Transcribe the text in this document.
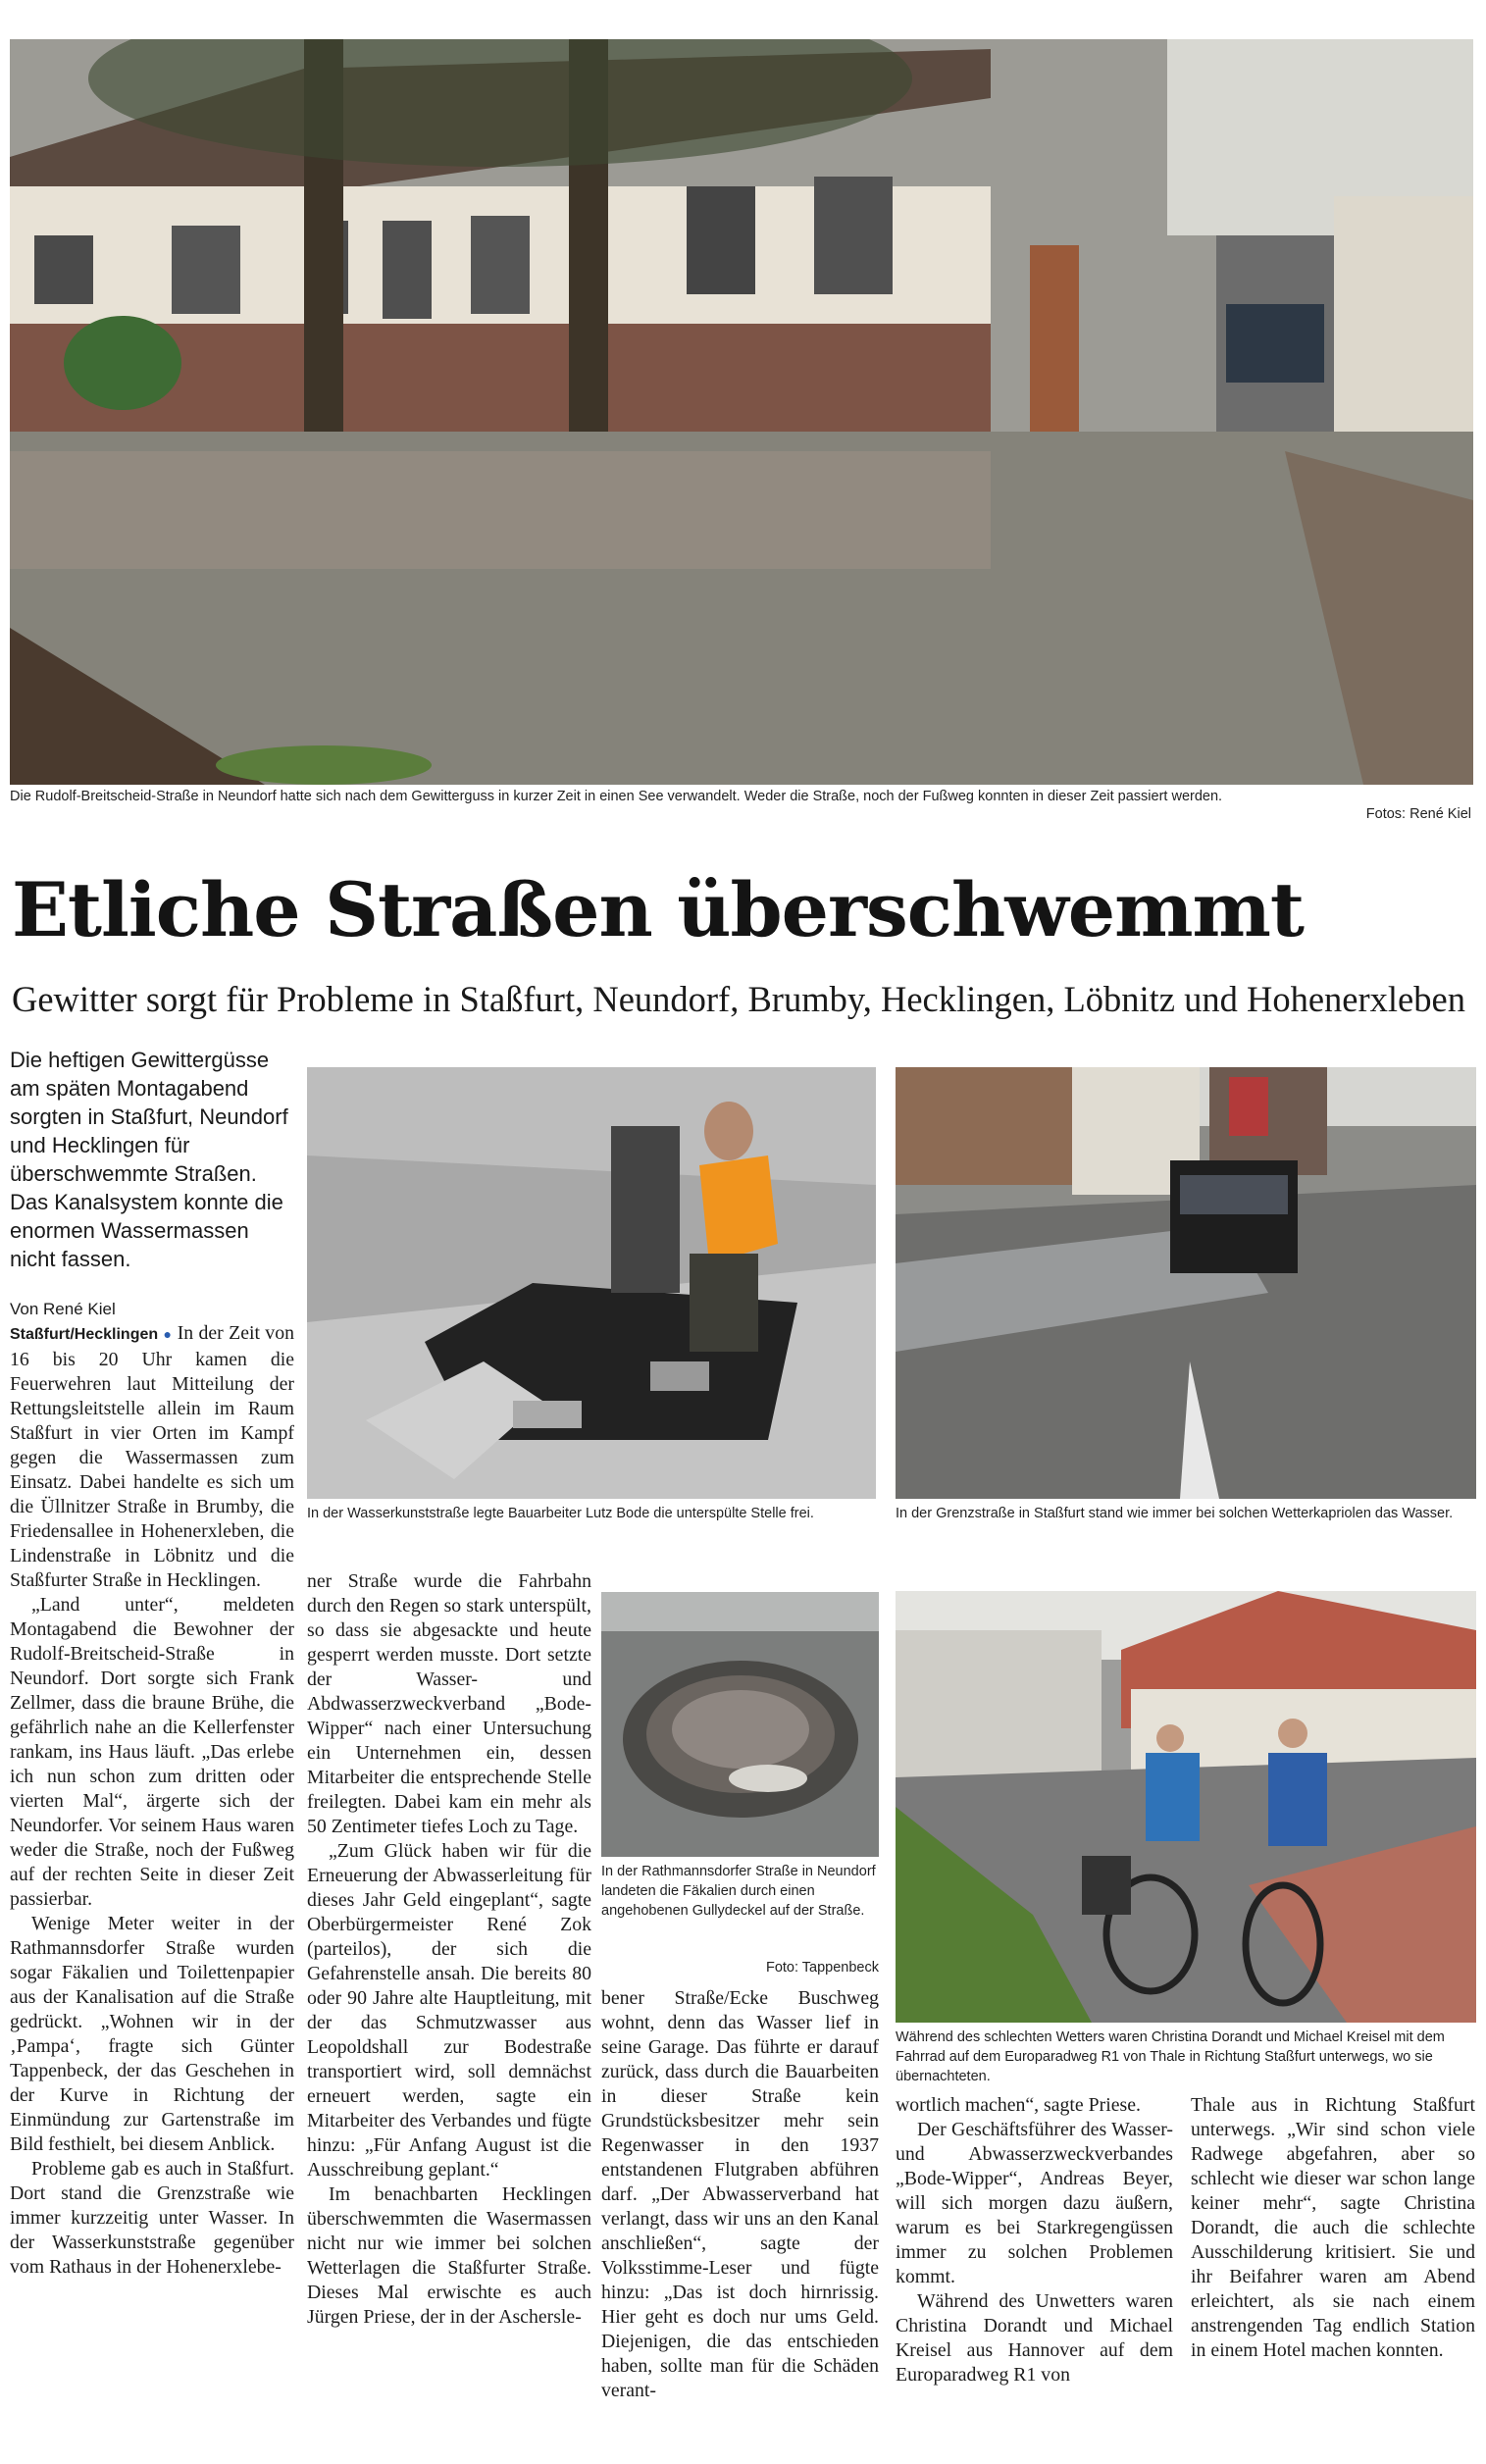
Die Rudolf-Breitscheid-Straße in Neundorf hatte sich nach dem Gewitterguss in kurzer Zeit in einen See verwandelt. Weder die Straße, noch der Fußweg konnten in dieser Zeit passiert werden.
Fotos: René Kiel
Etliche Straßen überschwemmt
Gewitter sorgt für Probleme in Staßfurt, Neundorf, Brumby, Hecklingen, Löbnitz und Hohenerxleben
Die heftigen Gewittergüsse am späten Montagabend sorgten in Staßfurt, Neundorf und Hecklingen für überschwemmte Straßen. Das Kanalsystem konnte die enormen Wassermassen nicht fassen.

Von René Kiel

Staßfurt/Hecklingen ● In der Zeit von 16 bis 20 Uhr kamen die Feuerwehren laut Mitteilung der Rettungsleitstelle allein im Raum Staßfurt in vier Orten im Kampf gegen die Wassermassen zum Einsatz. Dabei handelte es sich um die Üllnitzer Straße in Brumby, die Friedensallee in Hohenerxleben, die Lindenstraße in Löbnitz und die Staßfurter Straße in Hecklingen.

„Land unter“, meldeten Montagabend die Bewohner der Rudolf-Breitscheid-Straße in Neundorf. Dort sorgte sich Frank Zellmer, dass die braune Brühe, die gefährlich nahe an die Kellerfenster rankam, ins Haus läuft. „Das erlebe ich nun schon zum dritten oder vierten Mal“, ärgerte sich der Neundorfer. Vor seinem Haus waren weder die Straße, noch der Fußweg auf der rechten Seite in dieser Zeit passierbar.

Wenige Meter weiter in der Rathmannsdorfer Straße wurden sogar Fäkalien und Toilettenpapier aus der Kanalisation auf die Straße gedrückt. „Wohnen wir in der ‚Pampa‘, fragte sich Günter Tappenbeck, der das Geschehen in der Kurve in Richtung der Einmündung zur Gartenstraße im Bild festhielt, bei diesem Anblick.

Probleme gab es auch in Staßfurt. Dort stand die Grenzstraße wie immer kurzzeitig unter Wasser. In der Wasserkunststraße gegenüber vom Rathaus in der Hohenerxlebe-

In der Wasserkunststraße legte Bauarbeiter Lutz Bode die unterspülte Stelle frei.	In der Grenzstraße in Staßfurt stand wie immer bei solchen Wetterkapriolen das Wasser.

ner Straße wurde die Fahrbahn durch den Regen so stark unterspült, so dass sie abgesackte und heute gesperrt werden musste. Dort setzte der Wasser- und Abdwasserzweckverband „Bode-Wipper“ nach einer Untersuchung ein Unternehmen ein, dessen Mitarbeiter die entsprechende Stelle freilegten. Dabei kam ein mehr als 50 Zentimeter tiefes Loch zu Tage.

„Zum Glück haben wir für die Erneuerung der Abwasserleitung für dieses Jahr Geld eingeplant“, sagte Oberbürgermeister René Zok (parteilos), der sich die Gefahrenstelle ansah. Die bereits 80 oder 90 Jahre alte Hauptleitung, mit der das Schmutzwasser aus Leopoldshall zur Bodestraße transportiert wird, soll demnächst erneuert werden, sagte ein Mitarbeiter des Verbandes und fügte hinzu: „Für Anfang August ist die Ausschreibung geplant.“

Im benachbarten Hecklingen überschwemmten die Wasermassen nicht nur wie immer bei solchen Wetterlagen die Staßfurter Straße. Dieses Mal erwischte es auch Jürgen Priese, der in der Aschersle-

In der Rathmannsdorfer Straße in Neundorf landeten die Fäkalien durch einen angehobenen Gullydeckel auf der Straße.
Foto: Tappenbeck
Während des schlechten Wetters waren Christina Dorandt und Michael Kreisel mit dem Fahrrad auf dem Europaradweg R1 von Thale in Richtung Staßfurt unterwegs, wo sie übernachteten.

bener Straße/Ecke Buschweg wohnt, denn das Wasser lief in seine Garage. Das führte er darauf zurück, dass durch die Bauarbeiten in dieser Straße kein Grundstücksbesitzer mehr sein Regenwasser in den 1937 entstandenen Flutgraben abführen darf. „Der Abwasserverband hat verlangt, dass wir uns an den Kanal anschließen“, sagte der Volksstimme-Leser und fügte hinzu: „Das ist doch hirnrissig. Hier geht es doch nur ums Geld. Diejenigen, die das entschieden haben, sollte man für die Schäden verant-

wortlich machen“, sagte Priese.

Der Geschäftsführer des Wasser- und Abwasserzweckverbandes „Bode-Wipper“, Andreas Beyer, will sich morgen dazu äußern, warum es bei Starkregengüssen immer zu solchen Problemen kommt.

Während des Unwetters waren Christina Dorandt und Michael Kreisel aus Hannover auf dem Europaradweg R1 von

Thale aus in Richtung Staßfurt unterwegs. „Wir sind schon viele Radwege abgefahren, aber so schlecht wie dieser war schon lange keiner mehr“, sagte Christina Dorandt, die auch die schlechte Ausschilderung kritisiert. Sie und ihr Beifahrer waren am Abend erleichtert, als sie nach einem anstrengenden Tag endlich Station in einem Hotel machen konnten.
